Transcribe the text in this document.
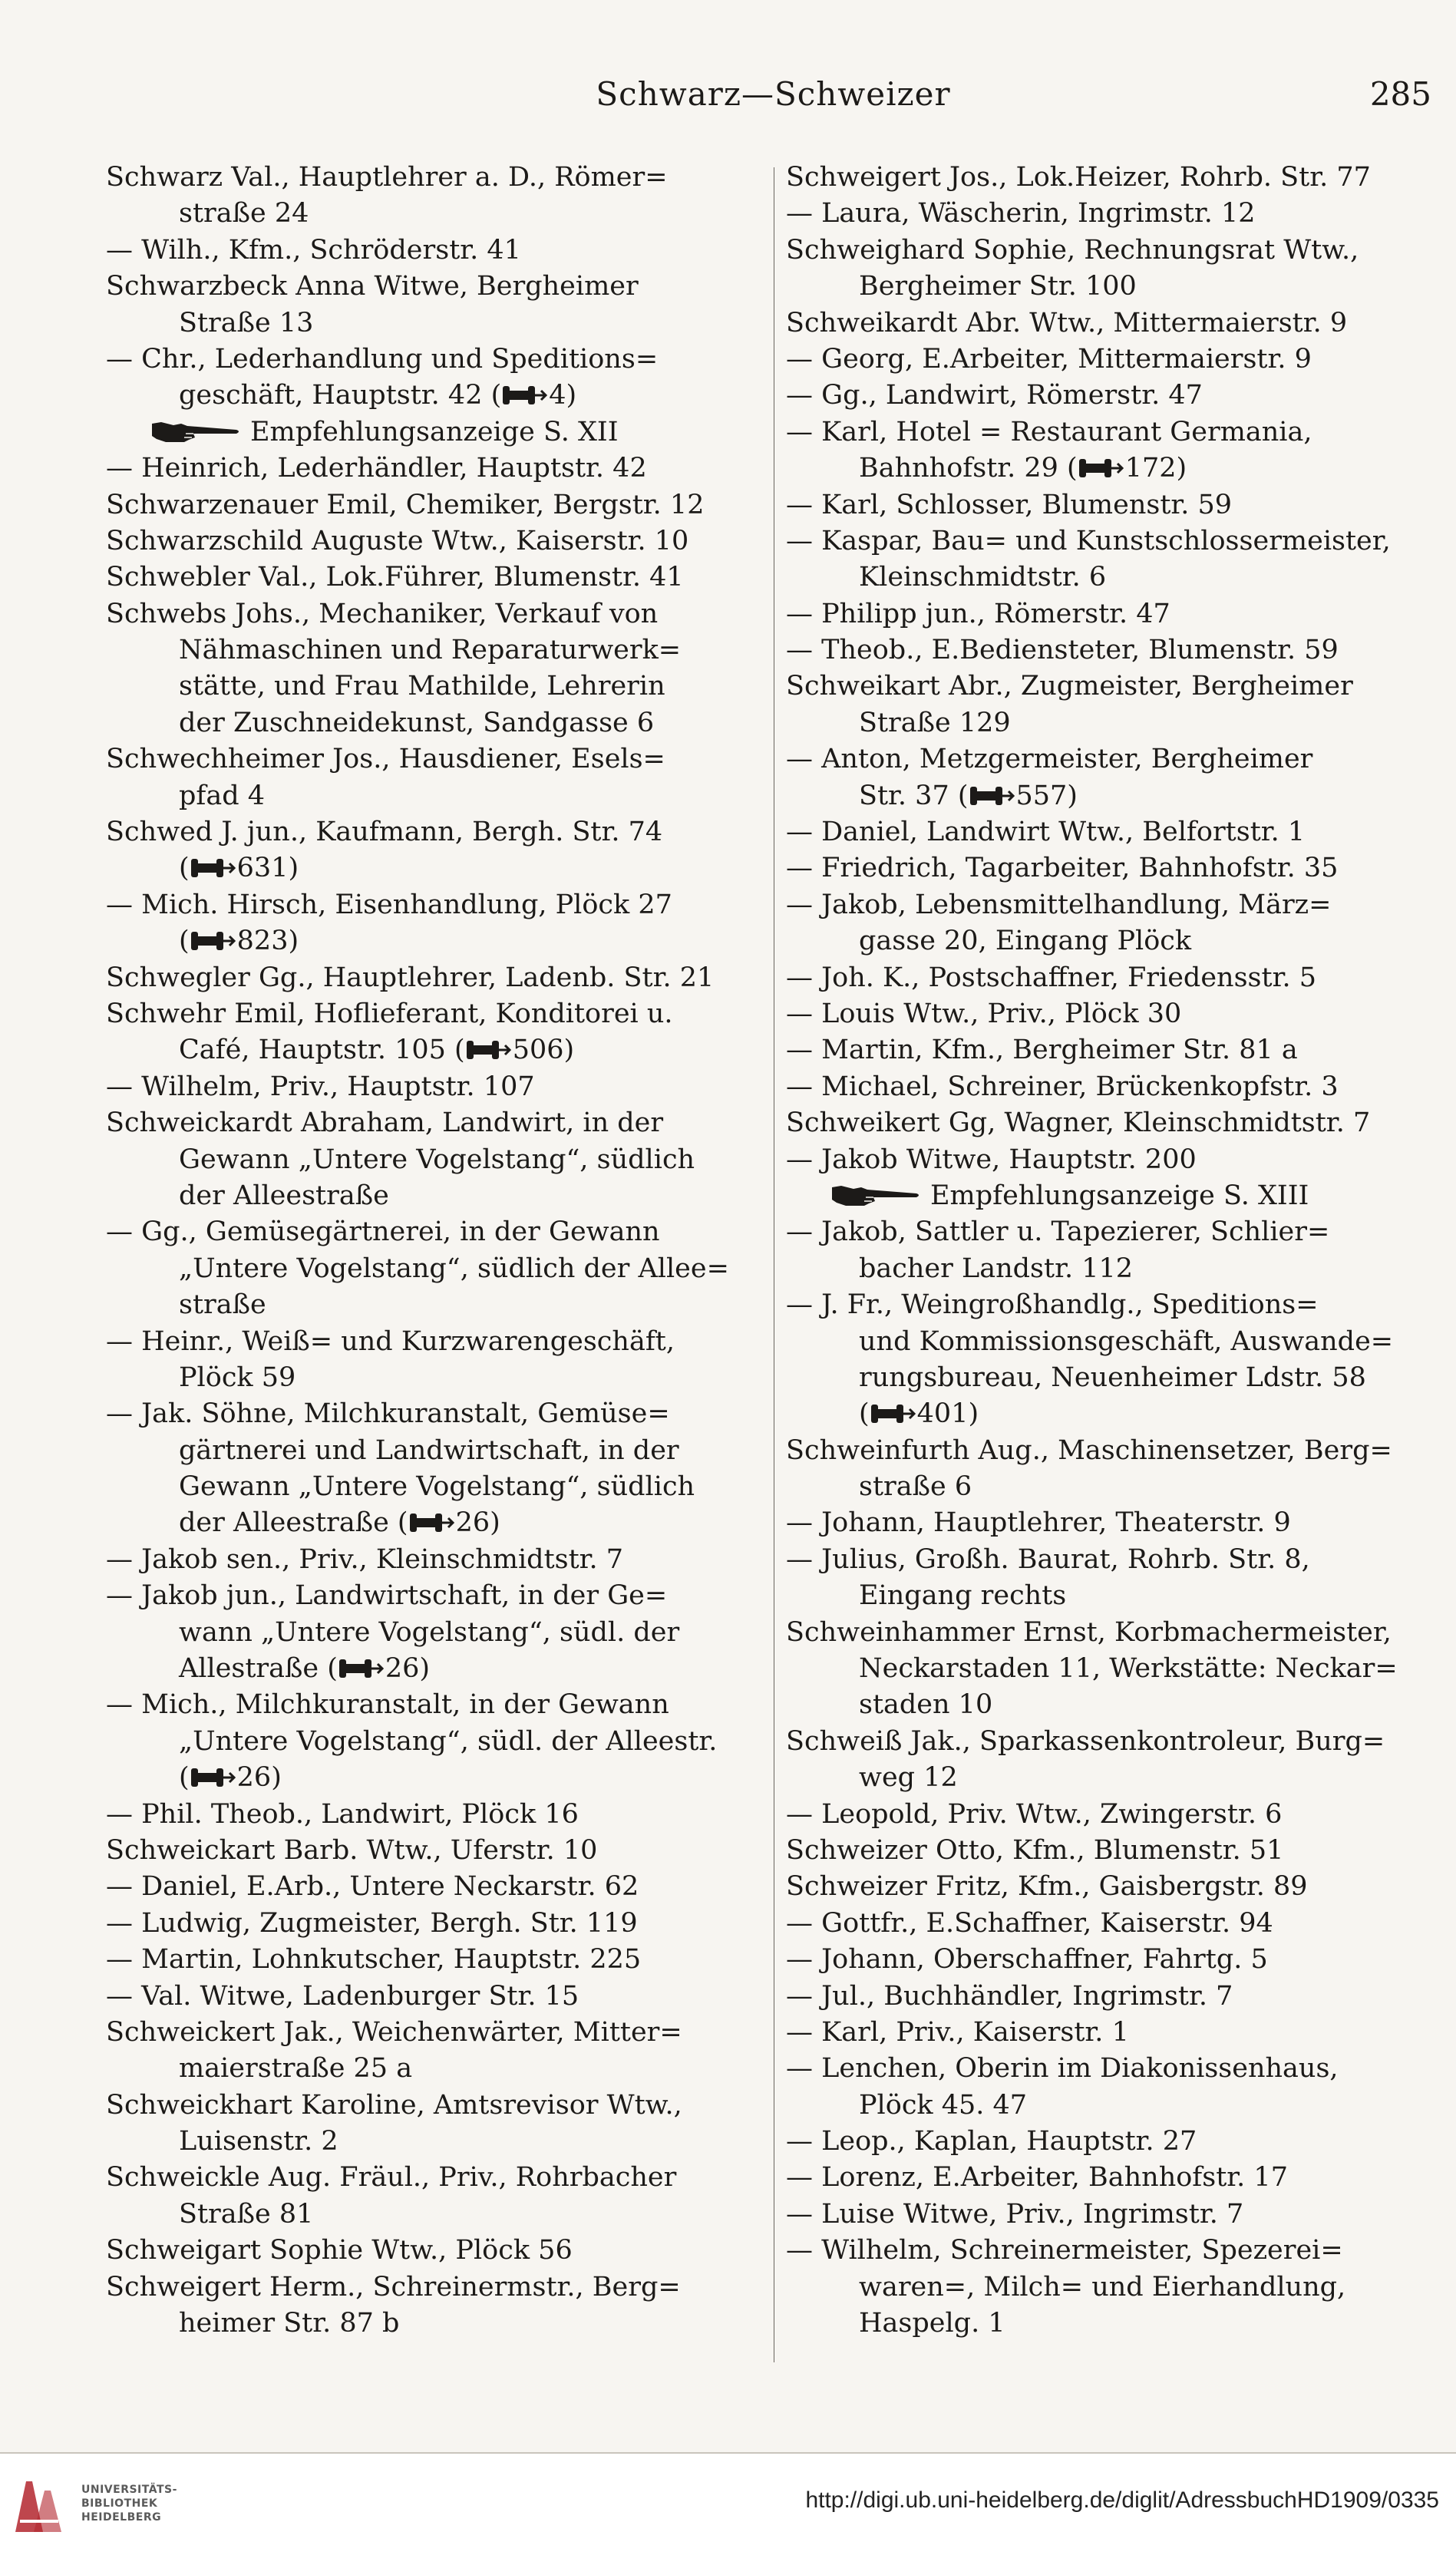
Schwarz—Schweizer	285
Schwarz Val., Hauptlehrer a. D., Römer=
straße 24
— Wilh., Kfm., Schröderstr. 41
Schwarzbeck Anna Witwe, Bergheimer
Straße 13
— Chr., Lederhandlung und Speditions=
geschäft, Hauptstr. 42 ( 4)
Empfehlungsanzeige S. XII
— Heinrich, Lederhändler, Hauptstr. 42
Schwarzenauer Emil, Chemiker, Bergstr. 12
Schwarzschild Auguste Wtw., Kaiserstr. 10
Schwebler Val., Lok.Führer, Blumenstr. 41
Schwebs Johs., Mechaniker, Verkauf von
Nähmaschinen und Reparaturwerk=
stätte, und Frau Mathilde, Lehrerin
der Zuschneidekunst, Sandgasse 6
Schwechheimer Jos., Hausdiener, Esels=
pfad 4
Schwed J. jun., Kaufmann, Bergh. Str. 74
( 631)
— Mich. Hirsch, Eisenhandlung, Plöck 27
( 823)
Schwegler Gg., Hauptlehrer, Ladenb. Str. 21
Schwehr Emil, Hoflieferant, Konditorei u.
Café, Hauptstr. 105 ( 506)
— Wilhelm, Priv., Hauptstr. 107
Schweickardt Abraham, Landwirt, in der
Gewann „Untere Vogelstang“, südlich
der Alleestraße
— Gg., Gemüsegärtnerei, in der Gewann
„Untere Vogelstang“, südlich der Allee=
straße
— Heinr., Weiß= und Kurzwarengeschäft,
Plöck 59
— Jak. Söhne, Milchkuranstalt, Gemüse=
gärtnerei und Landwirtschaft, in der
Gewann „Untere Vogelstang“, südlich
der Alleestraße ( 26)
— Jakob sen., Priv., Kleinschmidtstr. 7
— Jakob jun., Landwirtschaft, in der Ge=
wann „Untere Vogelstang“, südl. der
Allestraße ( 26)
— Mich., Milchkuranstalt, in der Gewann
„Untere Vogelstang“, südl. der Alleestr.
( 26)
— Phil. Theob., Landwirt, Plöck 16
Schweickart Barb. Wtw., Uferstr. 10
— Daniel, E.Arb., Untere Neckarstr. 62
— Ludwig, Zugmeister, Bergh. Str. 119
— Martin, Lohnkutscher, Hauptstr. 225
— Val. Witwe, Ladenburger Str. 15
Schweickert Jak., Weichenwärter, Mitter=
maierstraße 25 a
Schweickhart Karoline, Amtsrevisor Wtw.,
Luisenstr. 2
Schweickle Aug. Fräul., Priv., Rohrbacher
Straße 81
Schweigart Sophie Wtw., Plöck 56
Schweigert Herm., Schreinermstr., Berg=
heimer Str. 87 b
Schweigert Jos., Lok.Heizer, Rohrb. Str. 77
— Laura, Wäscherin, Ingrimstr. 12
Schweighard Sophie, Rechnungsrat Wtw.,
Bergheimer Str. 100
Schweikardt Abr. Wtw., Mittermaierstr. 9
— Georg, E.Arbeiter, Mittermaierstr. 9
— Gg., Landwirt, Römerstr. 47
— Karl, Hotel = Restaurant Germania,
Bahnhofstr. 29 ( 172)
— Karl, Schlosser, Blumenstr. 59
— Kaspar, Bau= und Kunstschlossermeister,
Kleinschmidtstr. 6
— Philipp jun., Römerstr. 47
— Theob., E.Bediensteter, Blumenstr. 59
Schweikart Abr., Zugmeister, Bergheimer
Straße 129
— Anton, Metzgermeister, Bergheimer
Str. 37 ( 557)
— Daniel, Landwirt Wtw., Belfortstr. 1
— Friedrich, Tagarbeiter, Bahnhofstr. 35
— Jakob, Lebensmittelhandlung, März=
gasse 20, Eingang Plöck
— Joh. K., Postschaffner, Friedensstr. 5
— Louis Wtw., Priv., Plöck 30
— Martin, Kfm., Bergheimer Str. 81 a
— Michael, Schreiner, Brückenkopfstr. 3
Schweikert Gg, Wagner, Kleinschmidtstr. 7
— Jakob Witwe, Hauptstr. 200
Empfehlungsanzeige S. XIII
— Jakob, Sattler u. Tapezierer, Schlier=
bacher Landstr. 112
— J. Fr., Weingroßhandlg., Speditions=
und Kommissionsgeschäft, Auswande=
rungsbureau, Neuenheimer Ldstr. 58
( 401)
Schweinfurth Aug., Maschinensetzer, Berg=
straße 6
— Johann, Hauptlehrer, Theaterstr. 9
— Julius, Großh. Baurat, Rohrb. Str. 8,
Eingang rechts
Schweinhammer Ernst, Korbmachermeister,
Neckarstaden 11, Werkstätte: Neckar=
staden 10
Schweiß Jak., Sparkassenkontroleur, Burg=
weg 12
— Leopold, Priv. Wtw., Zwingerstr. 6
Schweizer Otto, Kfm., Blumenstr. 51
Schweizer Fritz, Kfm., Gaisbergstr. 89
— Gottfr., E.Schaffner, Kaiserstr. 94
— Johann, Oberschaffner, Fahrtg. 5
— Jul., Buchhändler, Ingrimstr. 7
— Karl, Priv., Kaiserstr. 1
— Lenchen, Oberin im Diakonissenhaus,
Plöck 45. 47
— Leop., Kaplan, Hauptstr. 27
— Lorenz, E.Arbeiter, Bahnhofstr. 17
— Luise Witwe, Priv., Ingrimstr. 7
— Wilhelm, Schreinermeister, Spezerei=
waren=, Milch= und Eierhandlung,
Haspelg. 1
UNIVERSITÄTS-
BIBLIOTHEK
HEIDELBERG
http://digi.ub.uni-heidelberg.de/diglit/AdressbuchHD1909/0335
